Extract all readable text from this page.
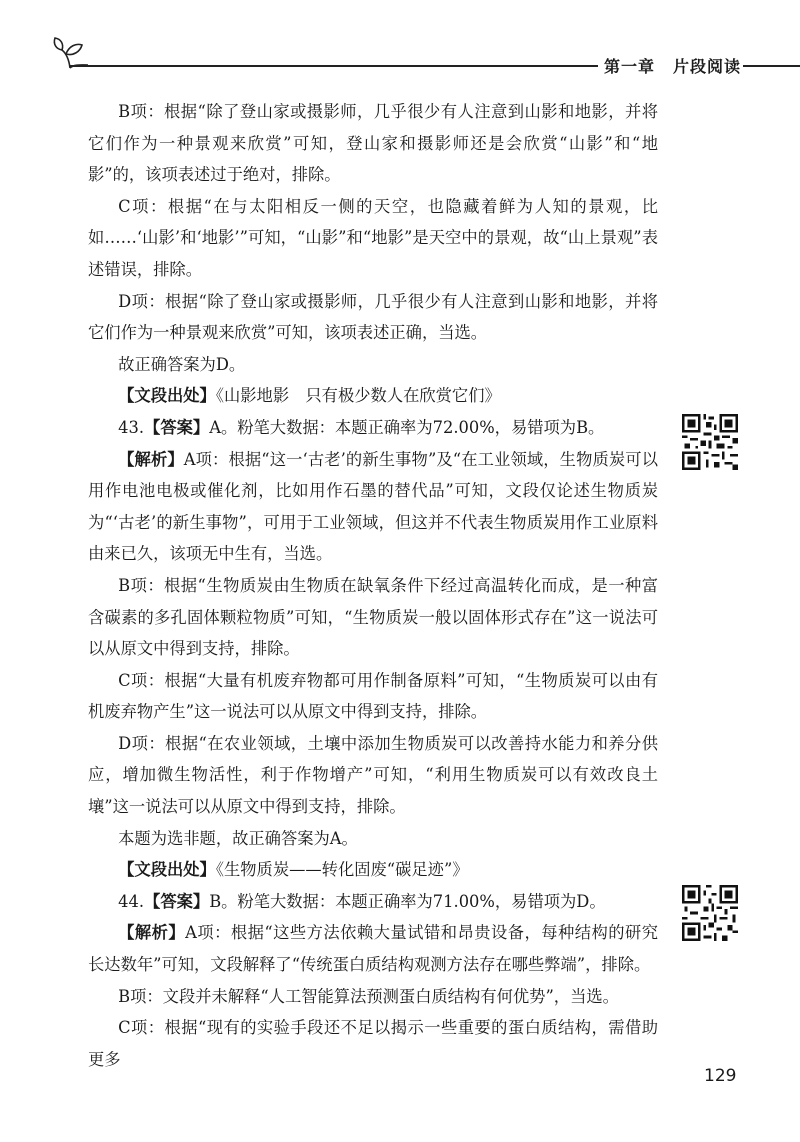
第一章 片段阅读

B项：根据“除了登山家或摄影师，几乎很少有人注意到山影和地影，并将它们作为一种景观来欣赏”可知，登山家和摄影师还是会欣赏“山影”和“地影”的，该项表述过于绝对，排除。

C项：根据“在与太阳相反一侧的天空，也隐藏着鲜为人知的景观，比如……‘山影’和‘地影’”可知，“山影”和“地影”是天空中的景观，故“山上景观”表述错误，排除。

D项：根据“除了登山家或摄影师，几乎很少有人注意到山影和地影，并将它们作为一种景观来欣赏”可知，该项表述正确，当选。

故正确答案为D。

【文段出处】《山影地影　只有极少数人在欣赏它们》

43.【答案】A。粉笔大数据：本题正确率为72.00%，易错项为B。

【解析】A项：根据“这一‘古老’的新生事物”及“在工业领域，生物质炭可以用作电池电极或催化剂，比如用作石墨的替代品”可知，文段仅论述生物质炭为“‘古老’的新生事物”，可用于工业领域，但这并不代表生物质炭用作工业原料由来已久，该项无中生有，当选。

B项：根据“生物质炭由生物质在缺氧条件下经过高温转化而成，是一种富含碳素的多孔固体颗粒物质”可知，“生物质炭一般以固体形式存在”这一说法可以从原文中得到支持，排除。

C项：根据“大量有机废弃物都可用作制备原料”可知，“生物质炭可以由有机废弃物产生”这一说法可以从原文中得到支持，排除。

D项：根据“在农业领域，土壤中添加生物质炭可以改善持水能力和养分供应，增加微生物活性，利于作物增产”可知，“利用生物质炭可以有效改良土壤”这一说法可以从原文中得到支持，排除。

本题为选非题，故正确答案为A。

【文段出处】《生物质炭——转化固废“碳足迹”》

44.【答案】B。粉笔大数据：本题正确率为71.00%，易错项为D。

【解析】A项：根据“这些方法依赖大量试错和昂贵设备，每种结构的研究长达数年”可知，文段解释了“传统蛋白质结构观测方法存在哪些弊端”，排除。

B项：文段并未解释“人工智能算法预测蛋白质结构有何优势”，当选。

C项：根据“现有的实验手段还不足以揭示一些重要的蛋白质结构，需借助更多

129
